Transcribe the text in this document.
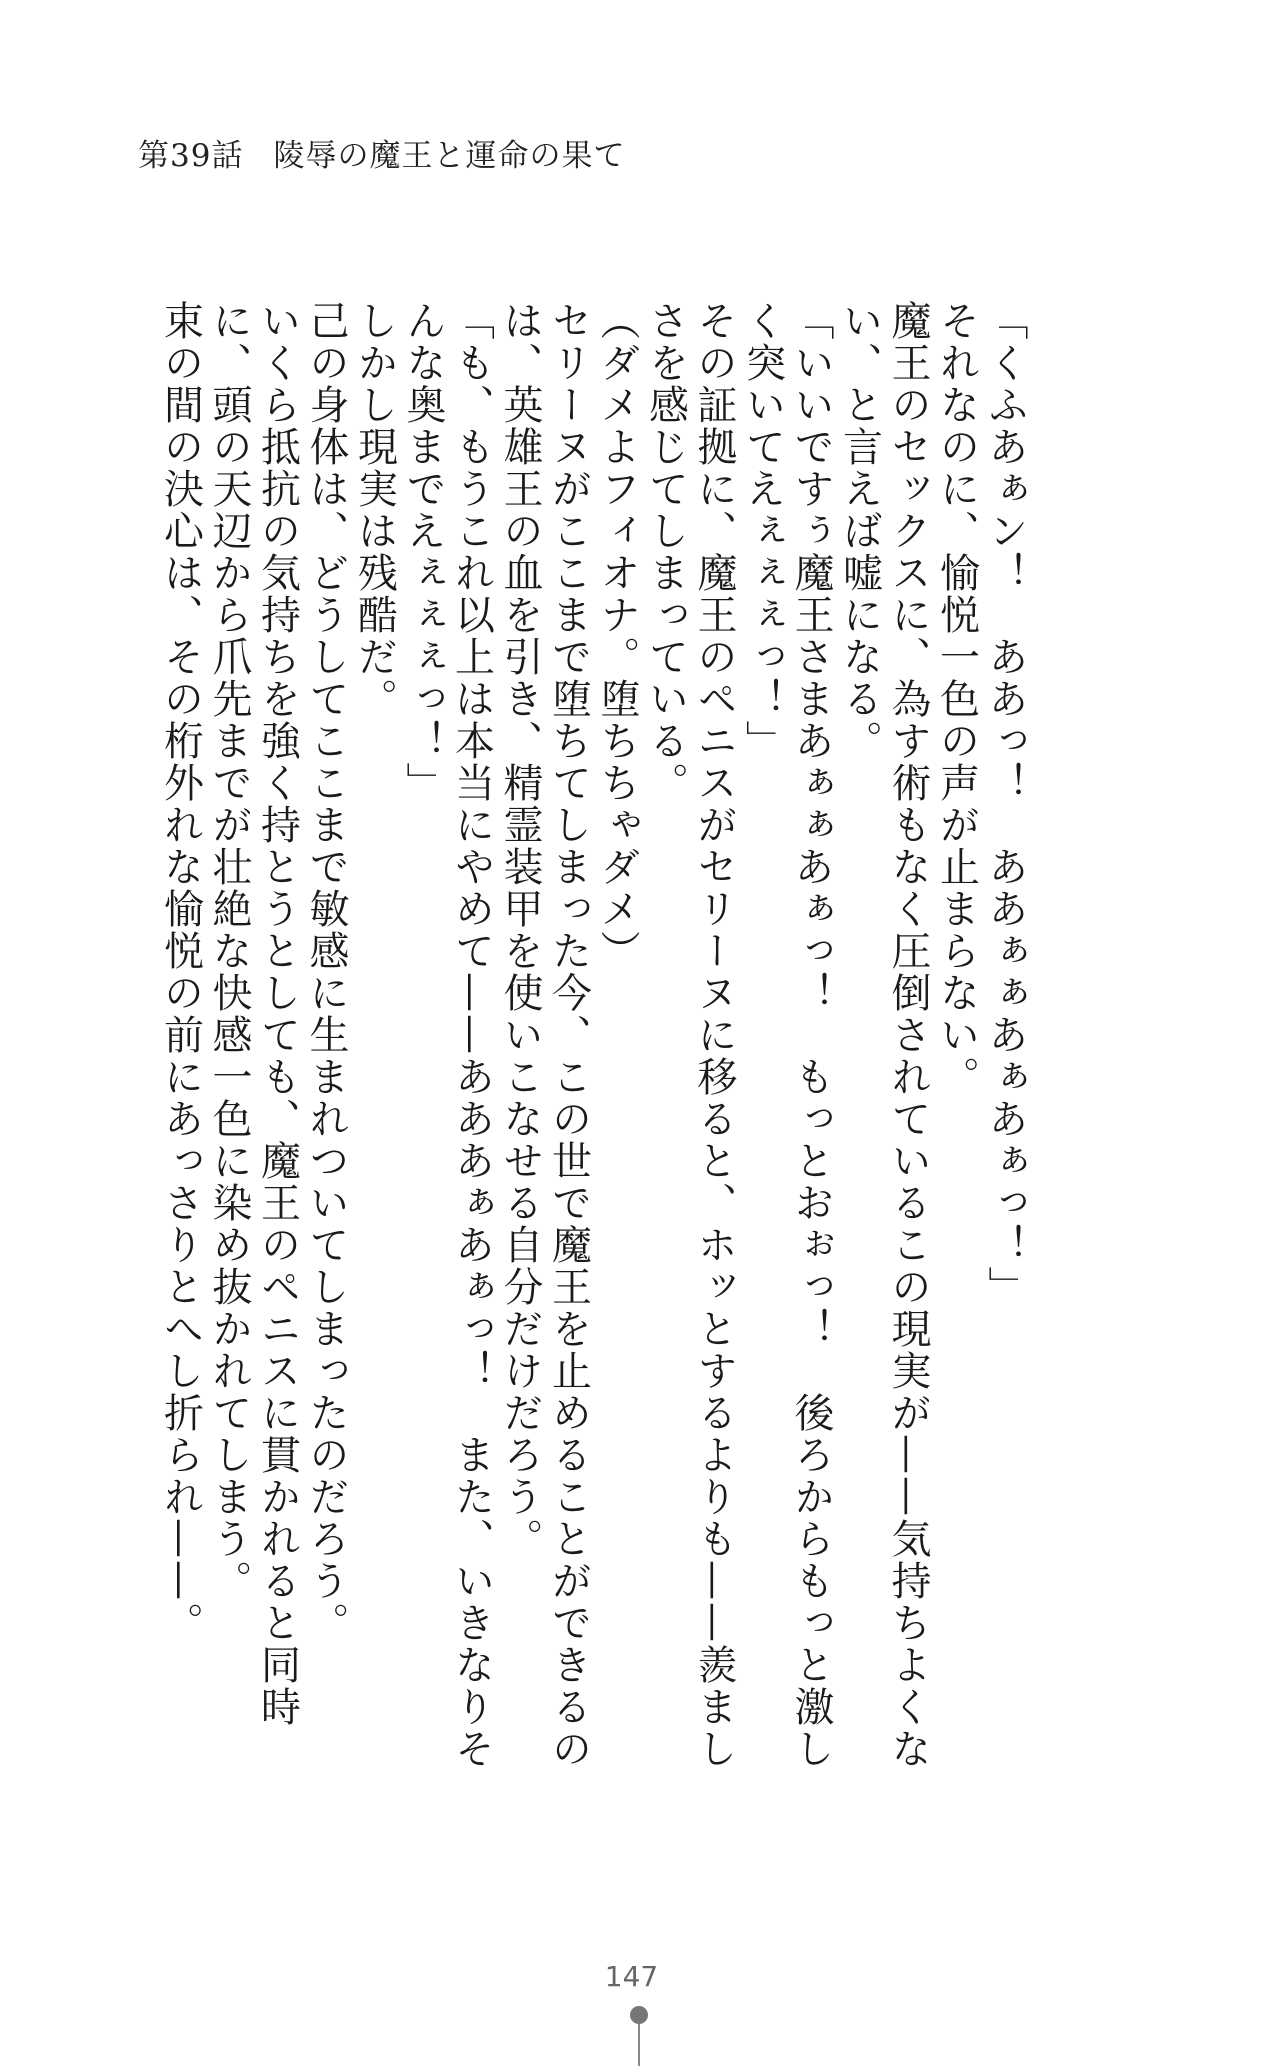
第39話 陵辱の魔王と運命の果て

「くふあぁン！　ああっ！　ああぁぁあぁあぁっ！」

それなのに、愉悦一色の声が止まらない。

魔王のセックスに、為す術もなく圧倒されているこの現実が——気持ちよくない、と言えば嘘になる。

「いいですぅ魔王さまあぁぁあぁっ！　もっとおぉっ！　後ろからもっと激しく突いてえぇぇぇっ！」

その証拠に、魔王のペニスがセリーヌに移ると、ホッとするよりも——羨ましさを感じてしまっている。

（ダメよフィオナ。堕ちちゃダメ）

セリーヌがここまで堕ちてしまった今、この世で魔王を止めることができるのは、英雄王の血を引き、精霊装甲を使いこなせる自分だけだろう。

「も、もうこれ以上は本当にやめて——あああぁあぁっ！　また、いきなりそんな奥までえぇぇぇっ！」

しかし現実は残酷だ。

己の身体は、どうしてここまで敏感に生まれついてしまったのだろう。

いくら抵抗の気持ちを強く持とうとしても、魔王のペニスに貫かれると同時に、頭の天辺から爪先までが壮絶な快感一色に染め抜かれてしまう。

束の間の決心は、その桁外れな愉悦の前にあっさりとへし折られ——。

147
